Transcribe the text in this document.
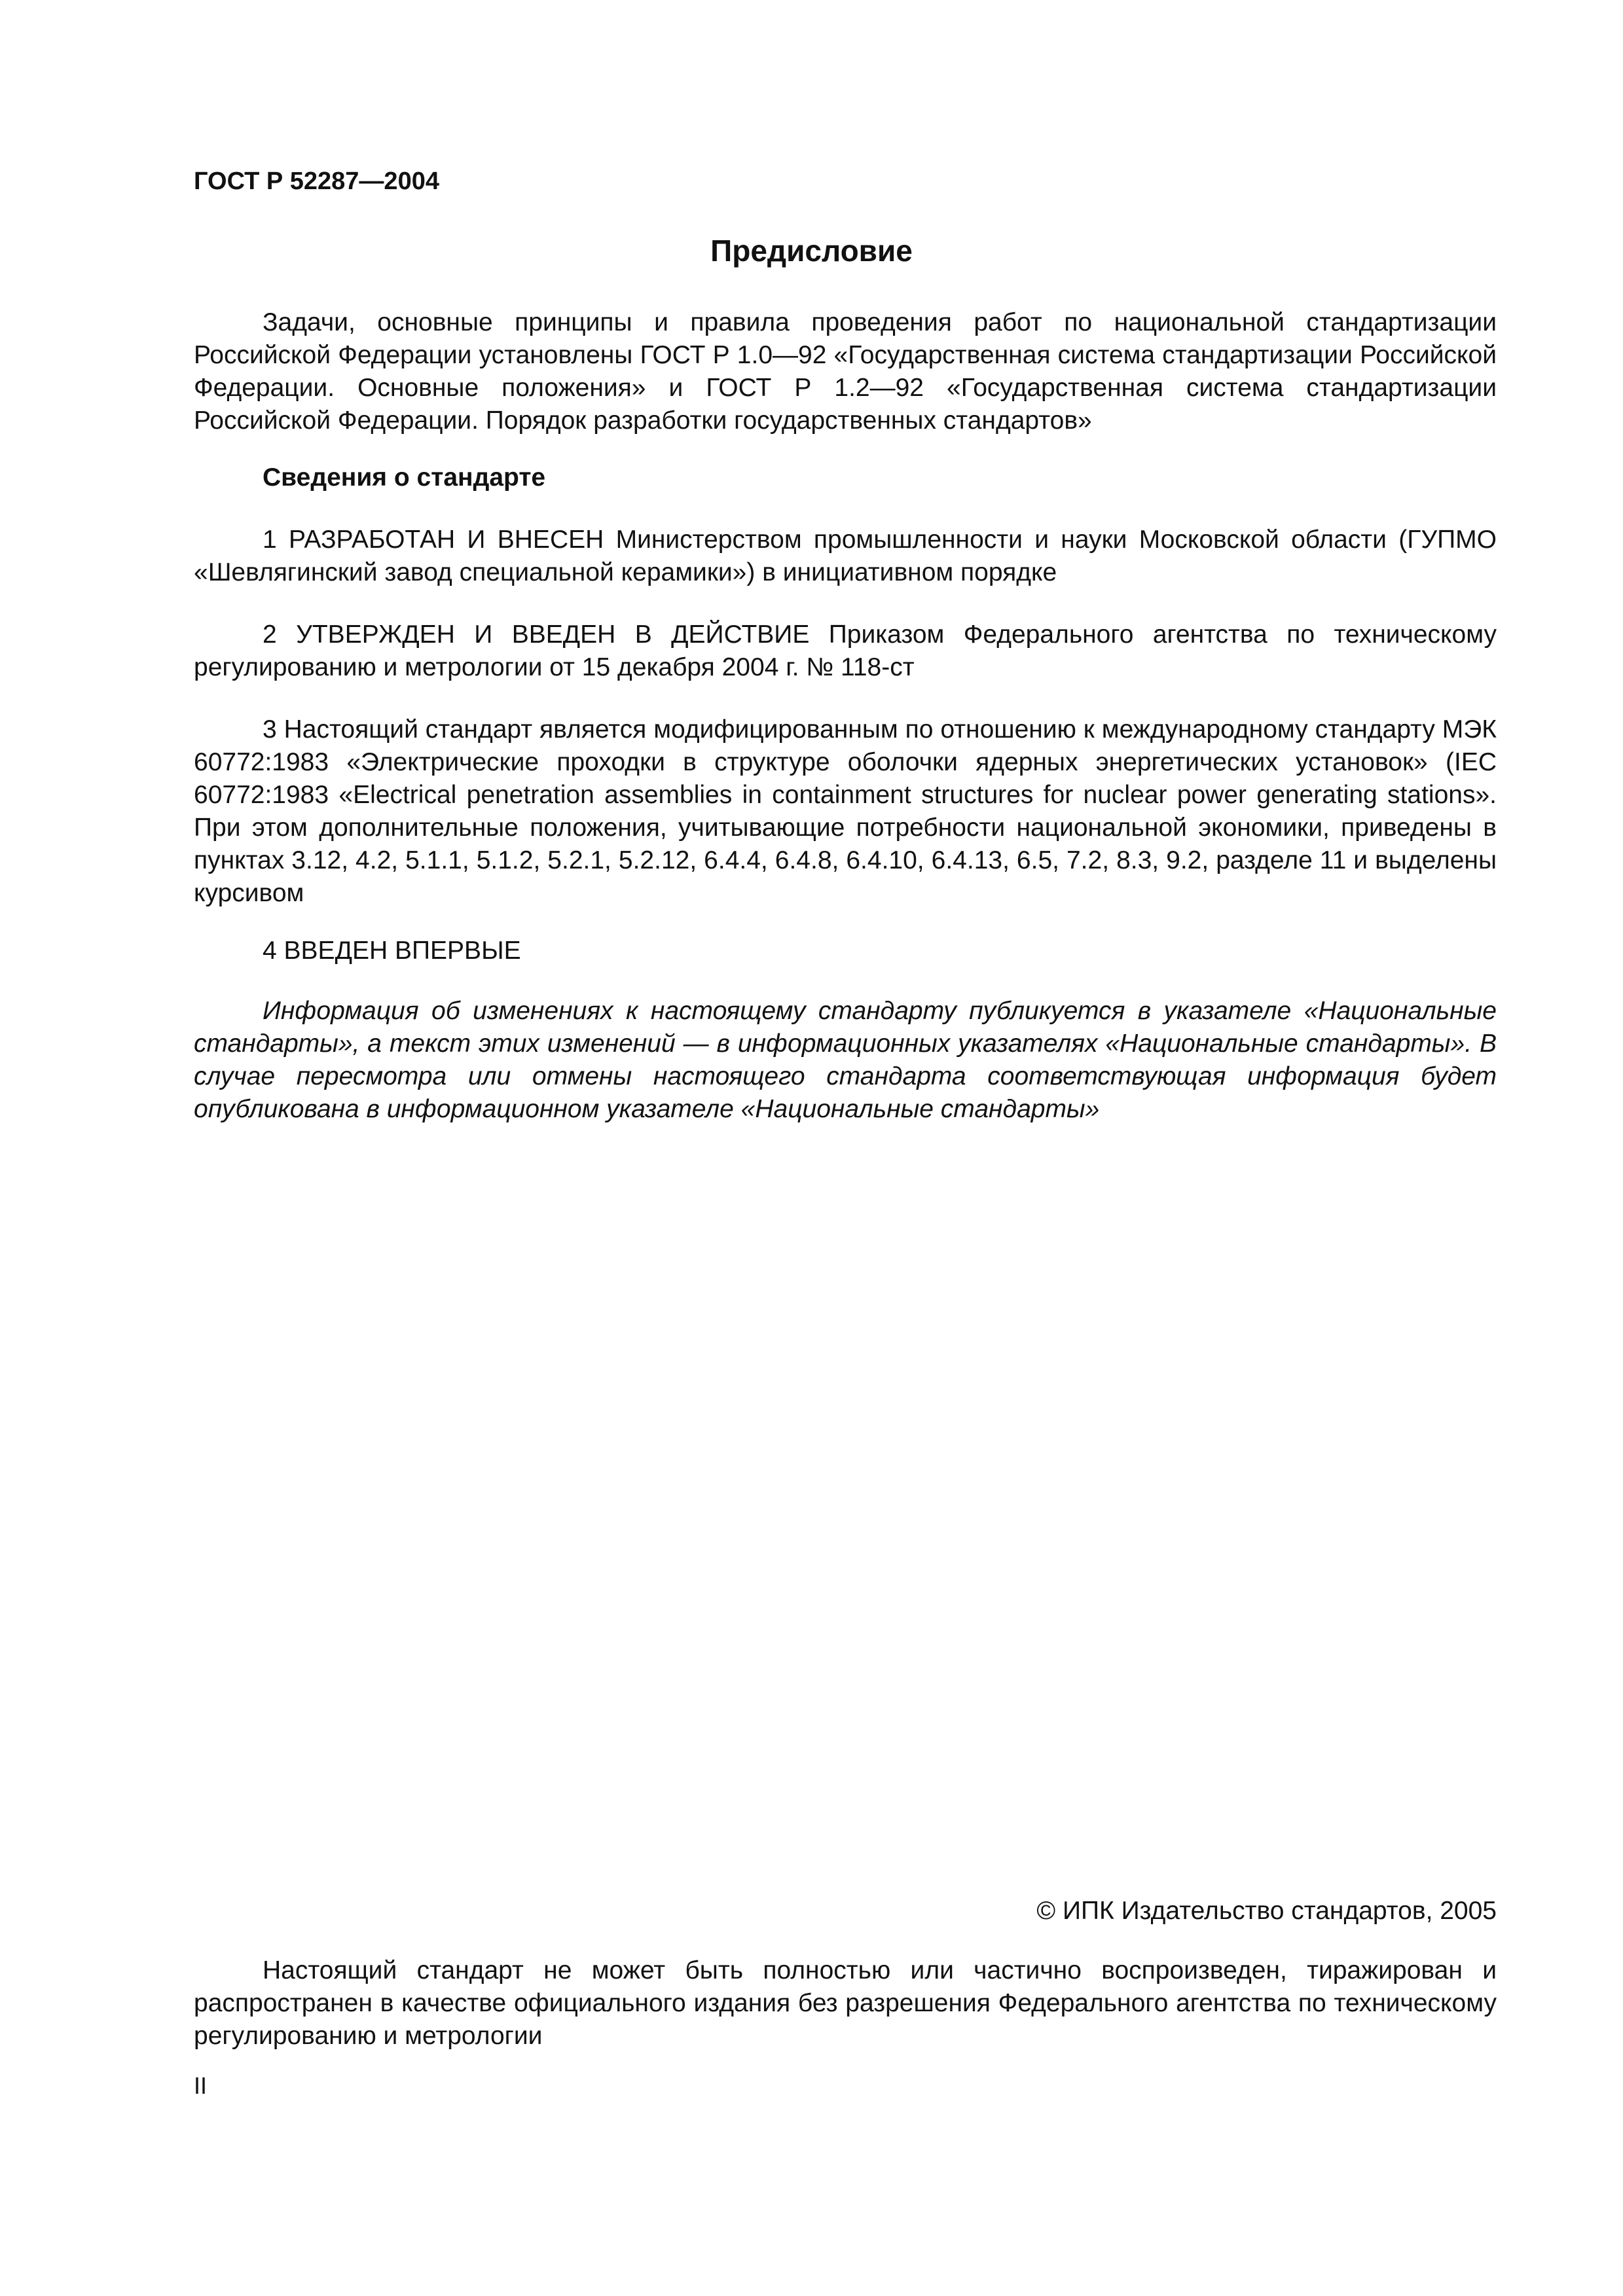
ГОСТ Р 52287—2004
Предисловие
Задачи, основные принципы и правила проведения работ по национальной стандартизации Российской Федерации установлены ГОСТ Р 1.0—92 «Государственная система стандартизации Российской Федерации. Основные положения» и ГОСТ Р 1.2—92 «Государственная система стандартизации Российской Федерации. Порядок разработки государственных стандартов»
Сведения о стандарте
1 РАЗРАБОТАН И ВНЕСЕН Министерством промышленности и науки Московской области (ГУПМО «Шевлягинский завод специальной керамики») в инициативном порядке
2 УТВЕРЖДЕН И ВВЕДЕН В ДЕЙСТВИЕ Приказом Федерального агентства по техническому регулированию и метрологии от 15 декабря 2004 г. № 118-ст
3 Настоящий стандарт является модифицированным по отношению к международному стандарту МЭК 60772:1983 «Электрические проходки в структуре оболочки ядерных энергетических установок» (IEC 60772:1983 «Electrical penetration assemblies in containment structures for nuclear power generating stations». При этом дополнительные положения, учитывающие потребности национальной экономики, приведены в пунктах 3.12, 4.2, 5.1.1, 5.1.2, 5.2.1, 5.2.12, 6.4.4, 6.4.8, 6.4.10, 6.4.13, 6.5, 7.2, 8.3, 9.2, разделе 11 и выделены курсивом
4 ВВЕДЕН ВПЕРВЫЕ
Информация об изменениях к настоящему стандарту публикуется в указателе «Национальные стандарты», а текст этих изменений — в информационных указателях «Национальные стандарты». В случае пересмотра или отмены настоящего стандарта соответствующая информация будет опубликована в информационном указателе «Национальные стандарты»
© ИПК Издательство стандартов, 2005
Настоящий стандарт не может быть полностью или частично воспроизведен, тиражирован и распространен в качестве официального издания без разрешения Федерального агентства по техническому регулированию и метрологии
II
